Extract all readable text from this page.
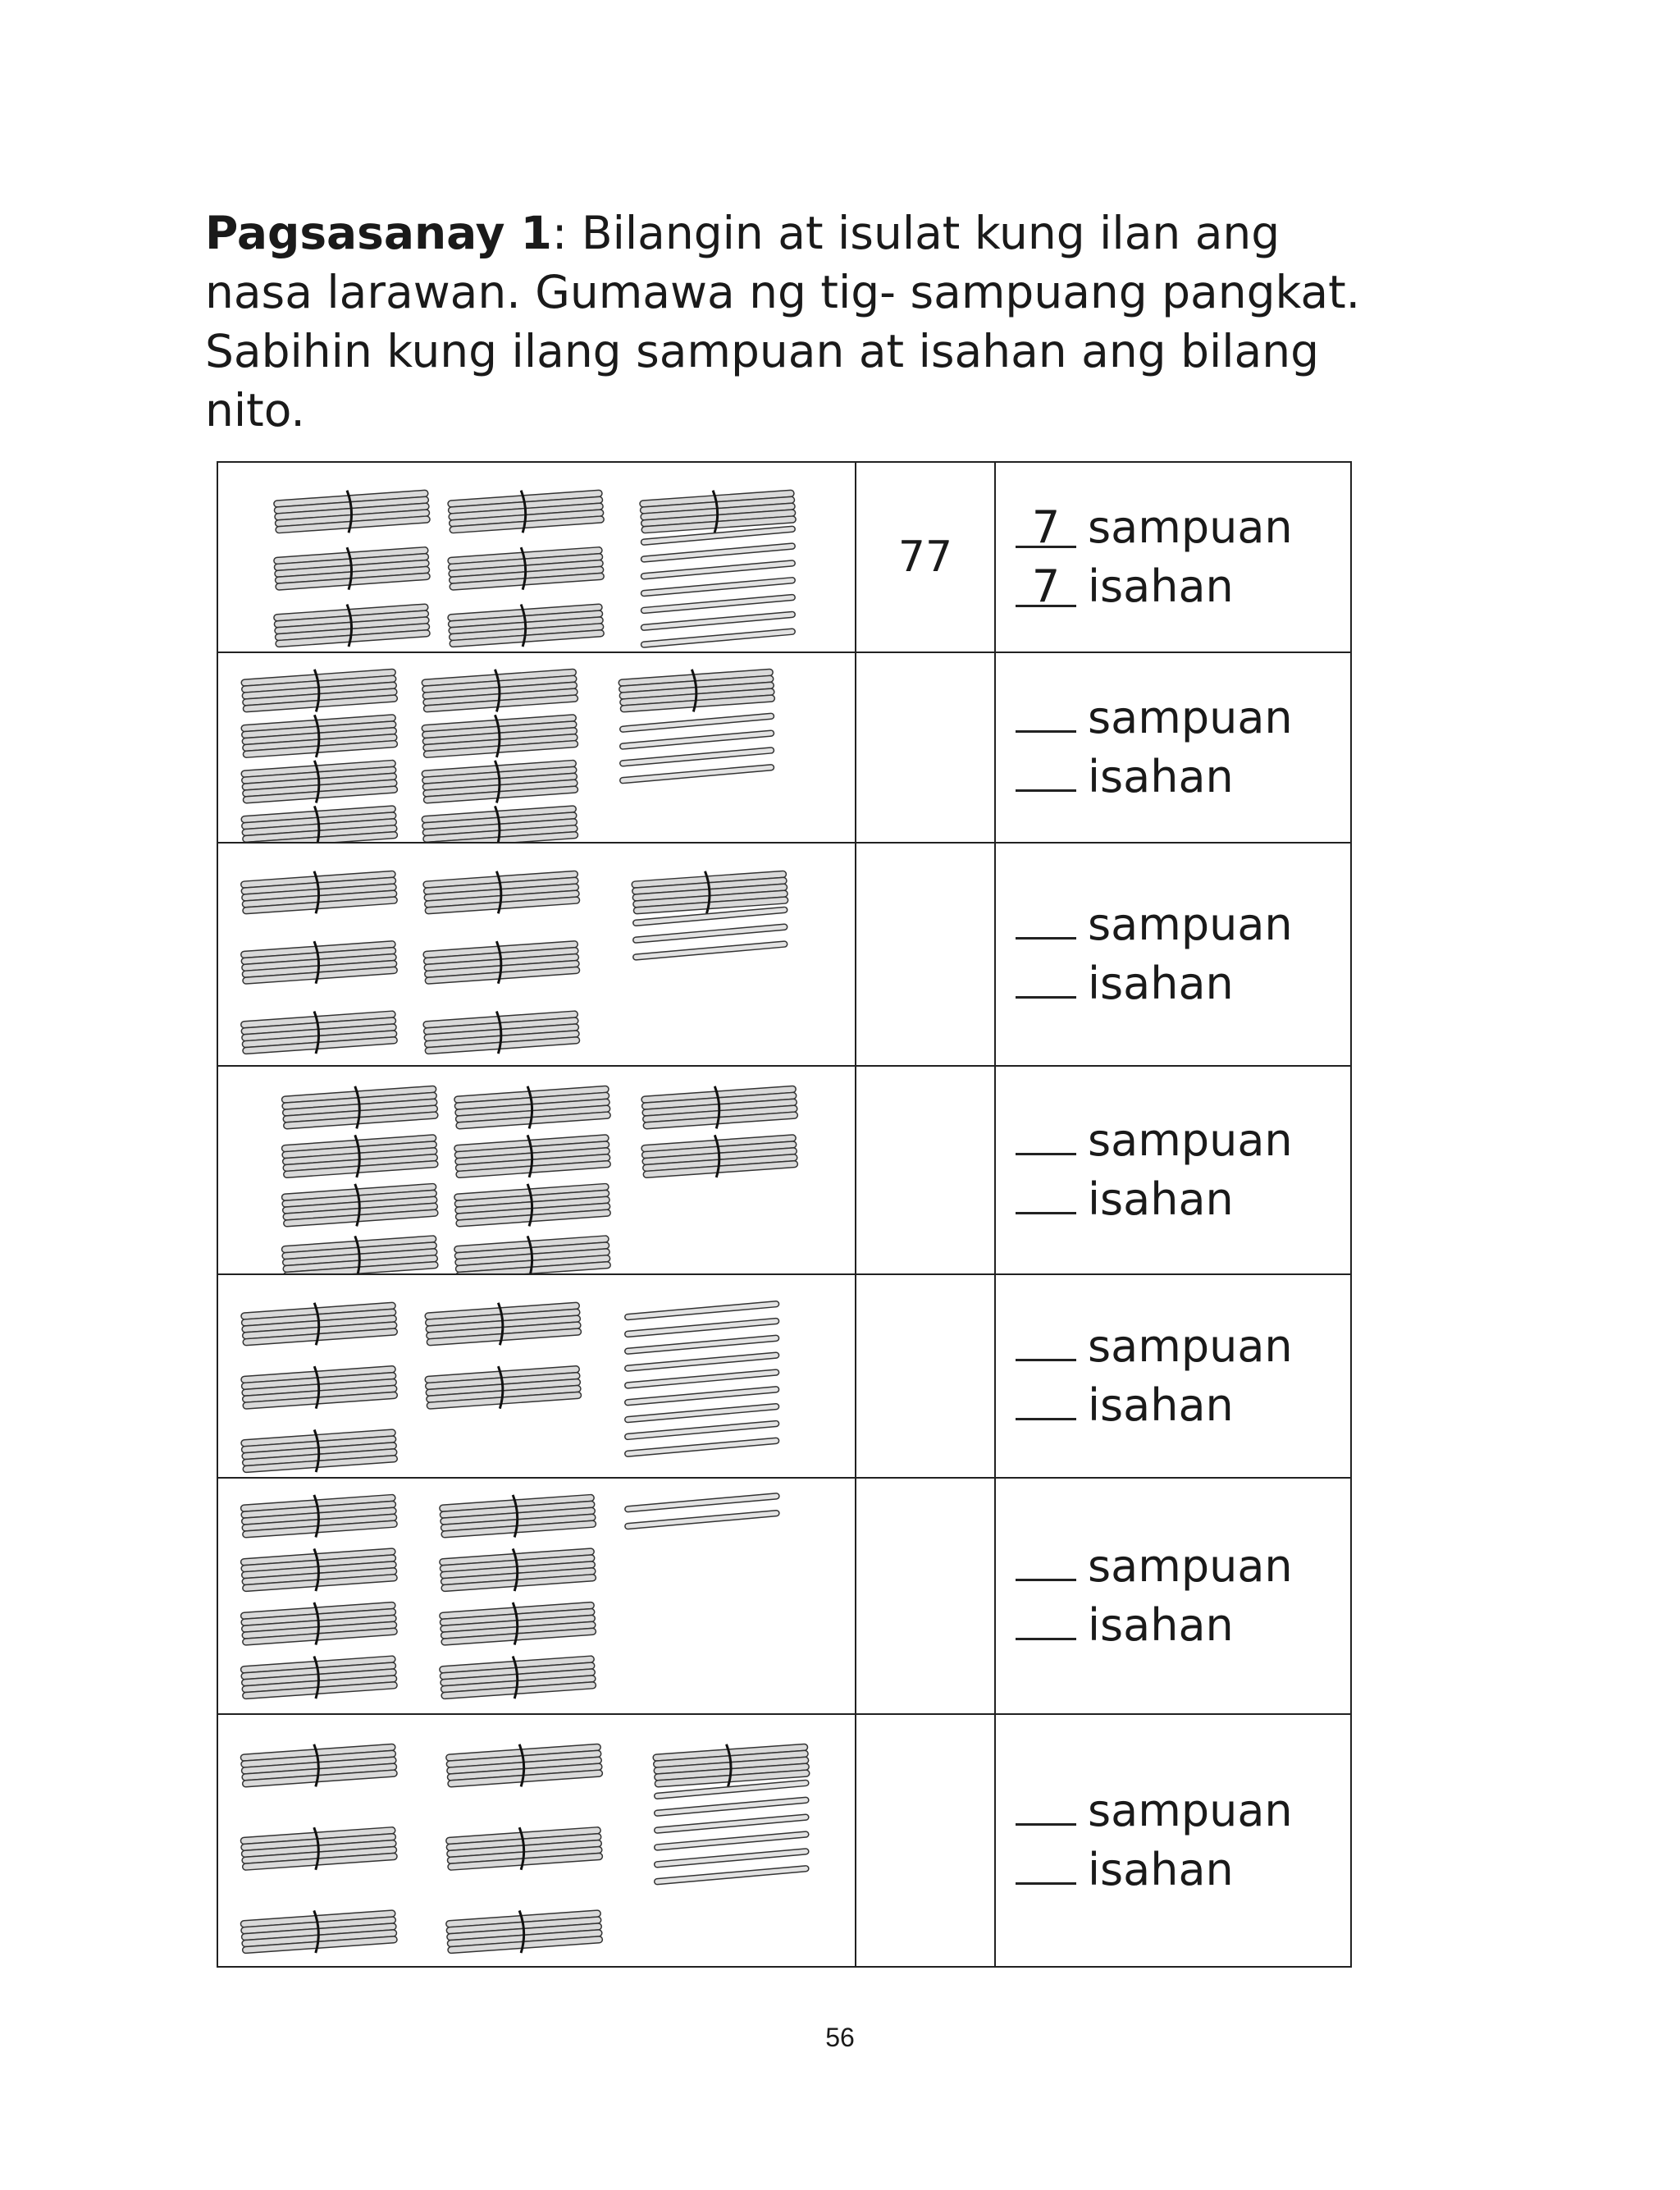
Pagsasanay 1: Bilangin at isulat kung ilan ang nasa larawan. Gumawa ng tig- sampuang pangkat. Sabihin kung ilang sampuan at isahan ang bilang nito.

	77	7 sampuan
7 isahan

sampuan
isahan

sampuan
isahan

sampuan
isahan

sampuan
isahan

sampuan
isahan

sampuan
isahan
56
